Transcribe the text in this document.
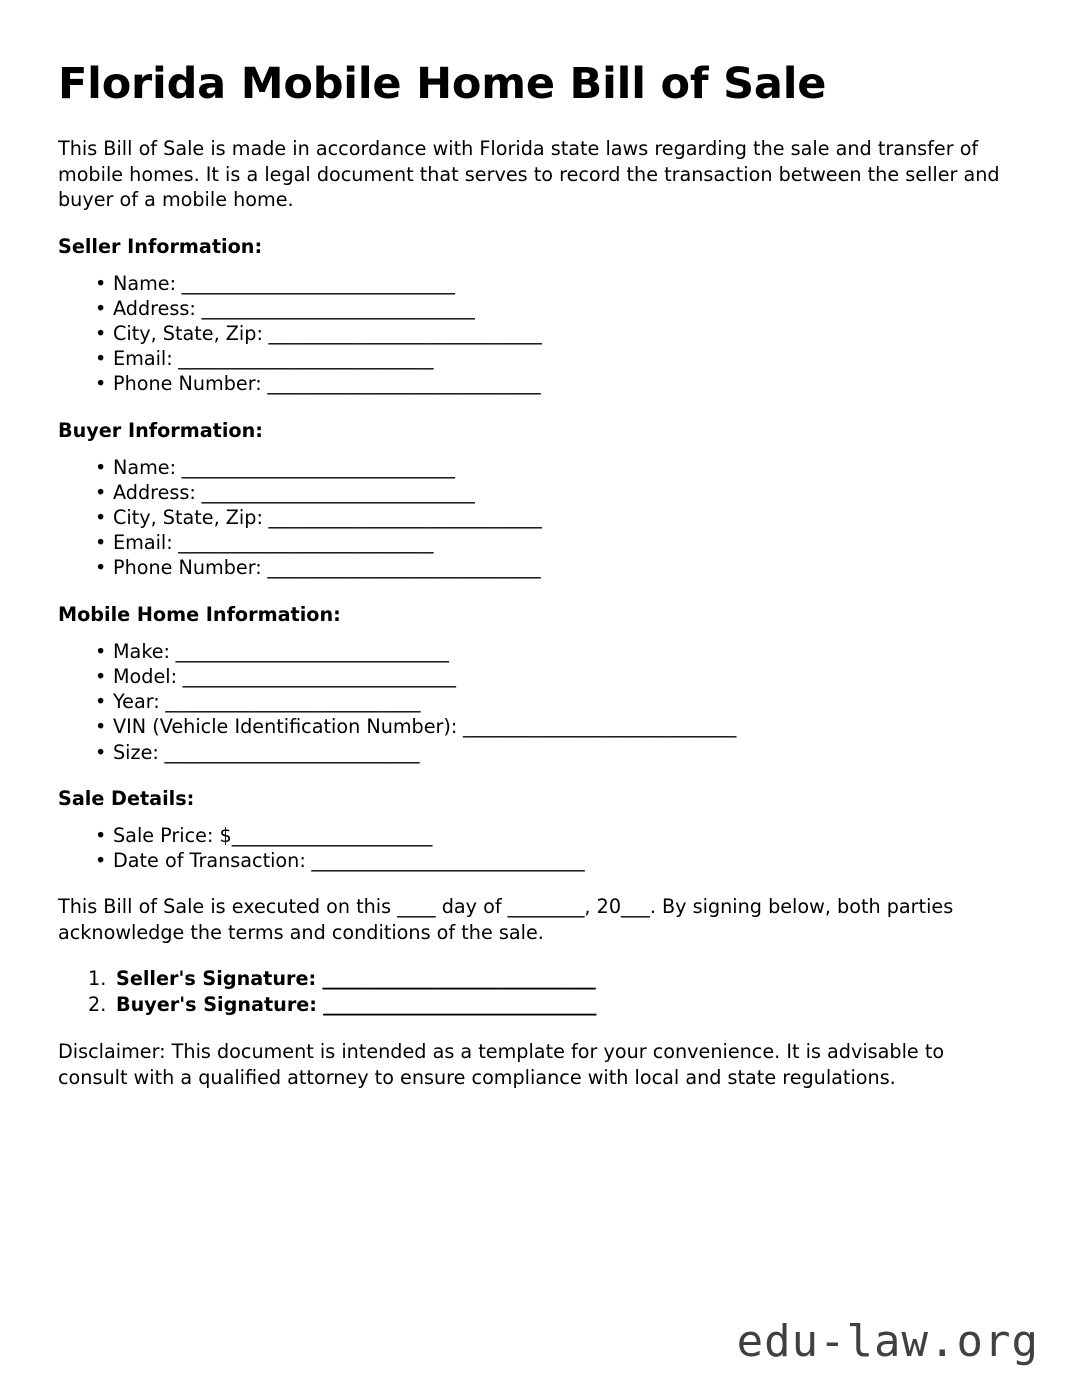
Florida Mobile Home Bill of Sale

This Bill of Sale is made in accordance with Florida state laws regarding the sale and transfer of mobile homes. It is a legal document that serves to record the transaction between the seller and buyer of a mobile home.

Seller Information:
• Name: ______________________________
• Address: ______________________________
• City, State, Zip: ______________________________
• Email: ____________________________
• Phone Number: ______________________________
Buyer Information:
• Name: ______________________________
• Address: ______________________________
• City, State, Zip: ______________________________
• Email: ____________________________
• Phone Number: ______________________________
Mobile Home Information:
• Make: ______________________________
• Model: ______________________________
• Year: ____________________________
• VIN (Vehicle Identification Number): ______________________________
• Size: ____________________________
Sale Details:
• Sale Price: $______________________
• Date of Transaction: ______________________________

This Bill of Sale is executed on this ____ day of ________, 20___. By signing below, both parties acknowledge the terms and conditions of the sale.

Seller's Signature: ______________________________
Buyer's Signature: ______________________________

Disclaimer: This document is intended as a template for your convenience. It is advisable to consult with a qualified attorney to ensure compliance with local and state regulations.

edu-law.org
